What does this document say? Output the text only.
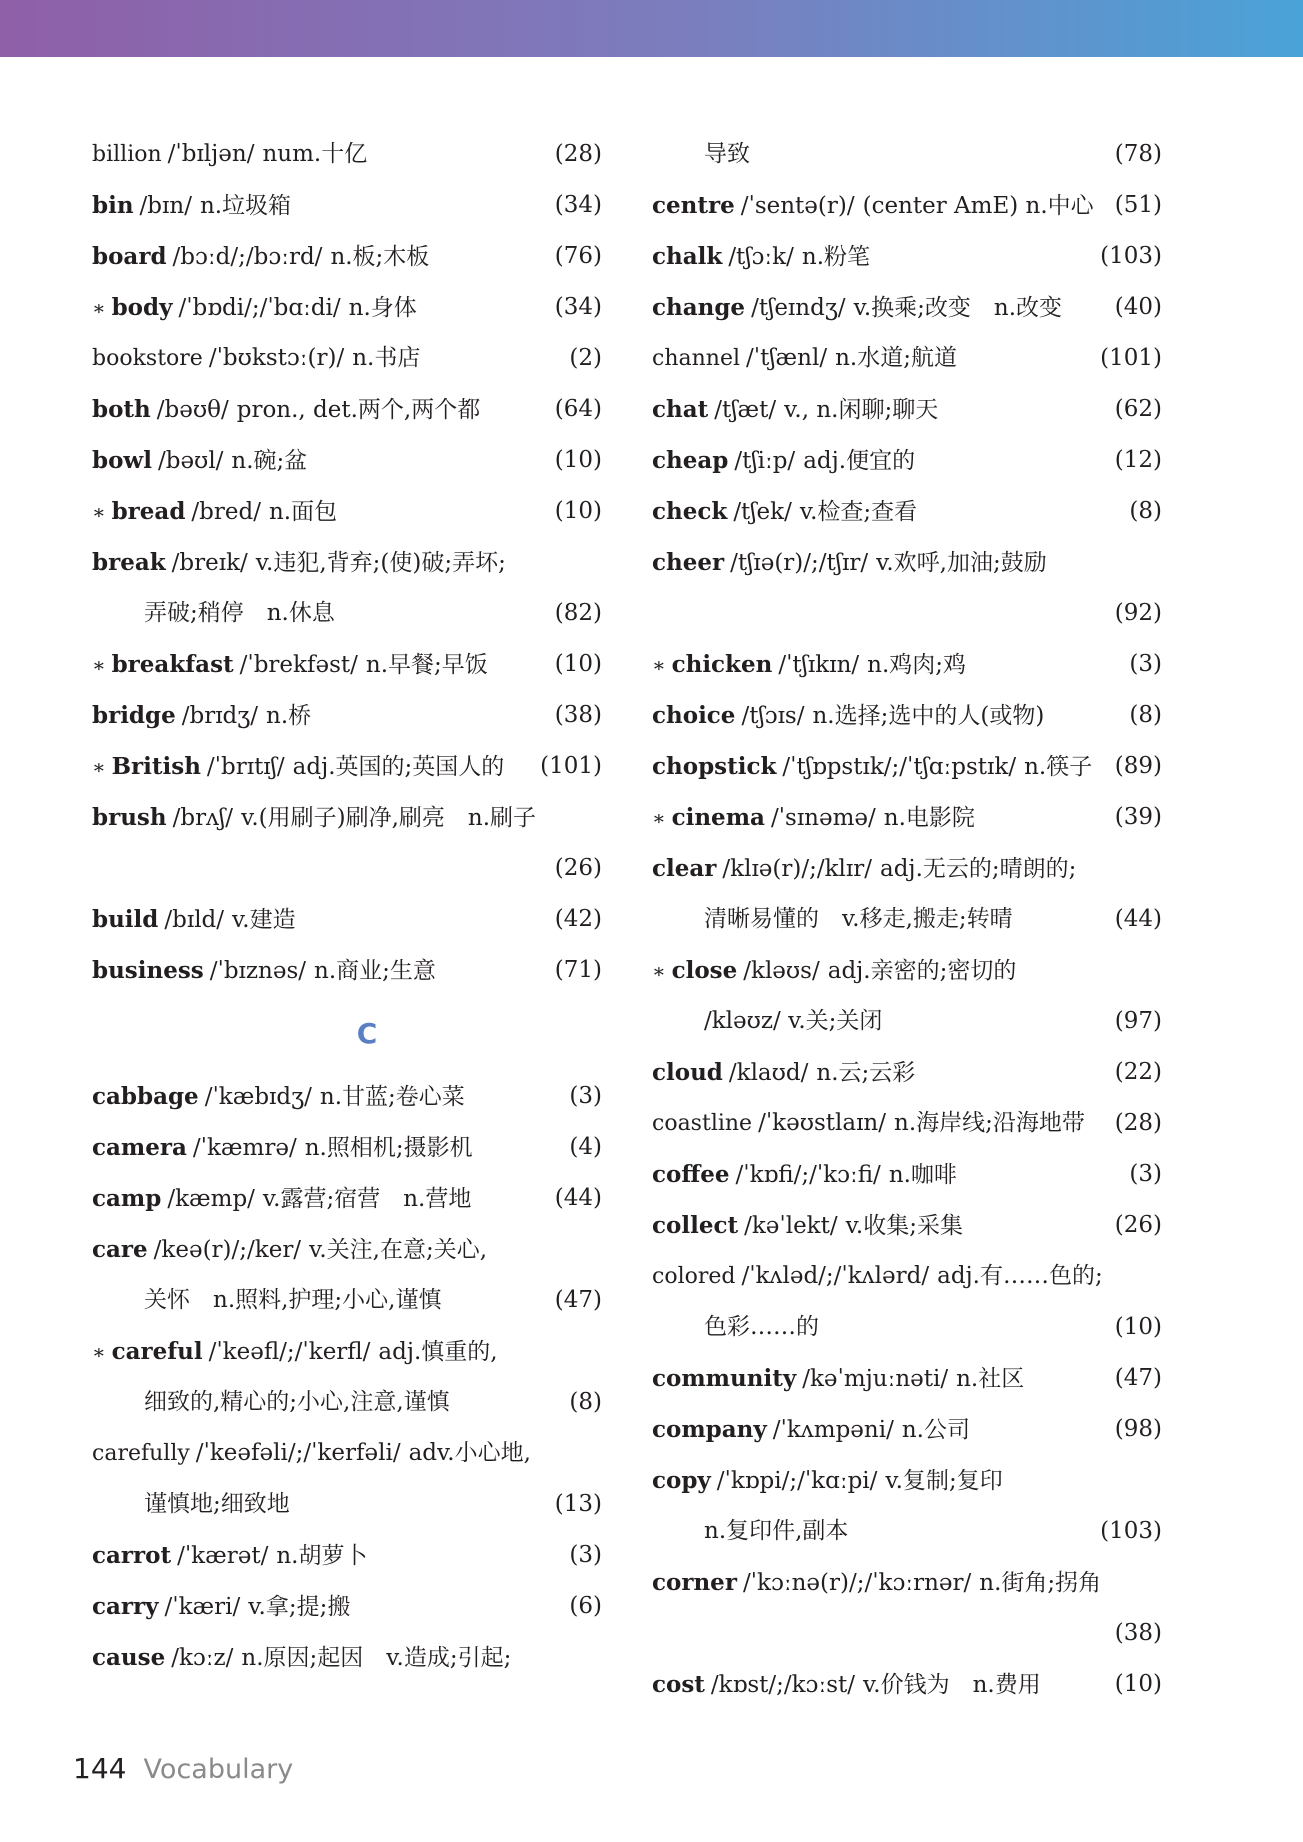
billion /ˈbɪljən/ num.十亿	(28)
bin /bɪn/ n.垃圾箱	(34)
board /bɔːd/;/bɔːrd/ n.板;木板	(76)
∗ body /ˈbɒdi/;/ˈbɑːdi/ n.身体	(34)
bookstore /ˈbʊkstɔː(r)/ n.书店	(2)
both /bəʊθ/ pron., det.两个,两个都	(64)
bowl /bəʊl/ n.碗;盆	(10)
∗ bread /bred/ n.面包	(10)
break /breɪk/ v.违犯,背弃;(使)破;弄坏;
弄破;稍停　n.休息	(82)
∗ breakfast /ˈbrekfəst/ n.早餐;早饭	(10)
bridge /brɪdʒ/ n.桥	(38)
∗ British /ˈbrɪtɪʃ/ adj.英国的;英国人的 (101)
brush /brʌʃ/ v.(用刷子)刷净,刷亮　n.刷子
(26)
build /bɪld/ v.建造	(42)
business /ˈbɪznəs/ n.商业;生意	(71)
C
cabbage /ˈkæbɪdʒ/ n.甘蓝;卷心菜	(3)
camera /ˈkæmrə/ n.照相机;摄影机	(4)
camp /kæmp/ v.露营;宿营　n.营地	(44)
care /keə(r)/;/ker/ v.关注,在意;关心,
关怀　n.照料,护理;小心,谨慎	(47)
∗ careful /ˈkeəfl/;/ˈkerfl/ adj.慎重的,
细致的,精心的;小心,注意,谨慎	(8)
carefully /ˈkeəfəli/;/ˈkerfəli/ adv.小心地,
谨慎地;细致地	(13)
carrot /ˈkærət/ n.胡萝卜	(3)
carry /ˈkæri/ v.拿;提;搬	(6)
cause /kɔːz/ n.原因;起因　v.造成;引起;
导致	(78)
centre /ˈsentə(r)/ (center AmE) n.中心 (51)
chalk /tʃɔːk/ n.粉笔	(103)
change /tʃeɪndʒ/ v.换乘;改变　n.改变 (40)
channel /ˈtʃænl/ n.水道;航道	(101)
chat /tʃæt/ v., n.闲聊;聊天	(62)
cheap /tʃiːp/ adj.便宜的	(12)
check /tʃek/ v.检查;查看	(8)
cheer /tʃɪə(r)/;/tʃɪr/ v.欢呼,加油;鼓励
(92)
∗ chicken /ˈtʃɪkɪn/ n.鸡肉;鸡	(3)
choice /tʃɔɪs/ n.选择;选中的人(或物)	(8)
chopstick /ˈtʃɒpstɪk/;/ˈtʃɑːpstɪk/ n.筷子 (89)
∗ cinema /ˈsɪnəmə/ n.电影院	(39)
clear /klɪə(r)/;/klɪr/ adj.无云的;晴朗的;
清晰易懂的　v.移走,搬走;转晴	(44)
∗ close /kləʊs/ adj.亲密的;密切的
/kləʊz/ v.关;关闭	(97)
cloud /klaʊd/ n.云;云彩	(22)
coastline /ˈkəʊstlaɪn/ n.海岸线;沿海地带 (28)
coffee /ˈkɒfi/;/ˈkɔːfi/ n.咖啡	(3)
collect /kəˈlekt/ v.收集;采集	(26)
colored /ˈkʌləd/;/ˈkʌlərd/ adj.有……色的;
色彩……的	(10)
community /kəˈmjuːnəti/ n.社区	(47)
company /ˈkʌmpəni/ n.公司	(98)
copy /ˈkɒpi/;/ˈkɑːpi/ v.复制;复印
n.复印件,副本	(103)
corner /ˈkɔːnə(r)/;/ˈkɔːrnər/ n.街角;拐角
(38)
cost /kɒst/;/kɔːst/ v.价钱为　n.费用	(10)
144 Vocabulary
